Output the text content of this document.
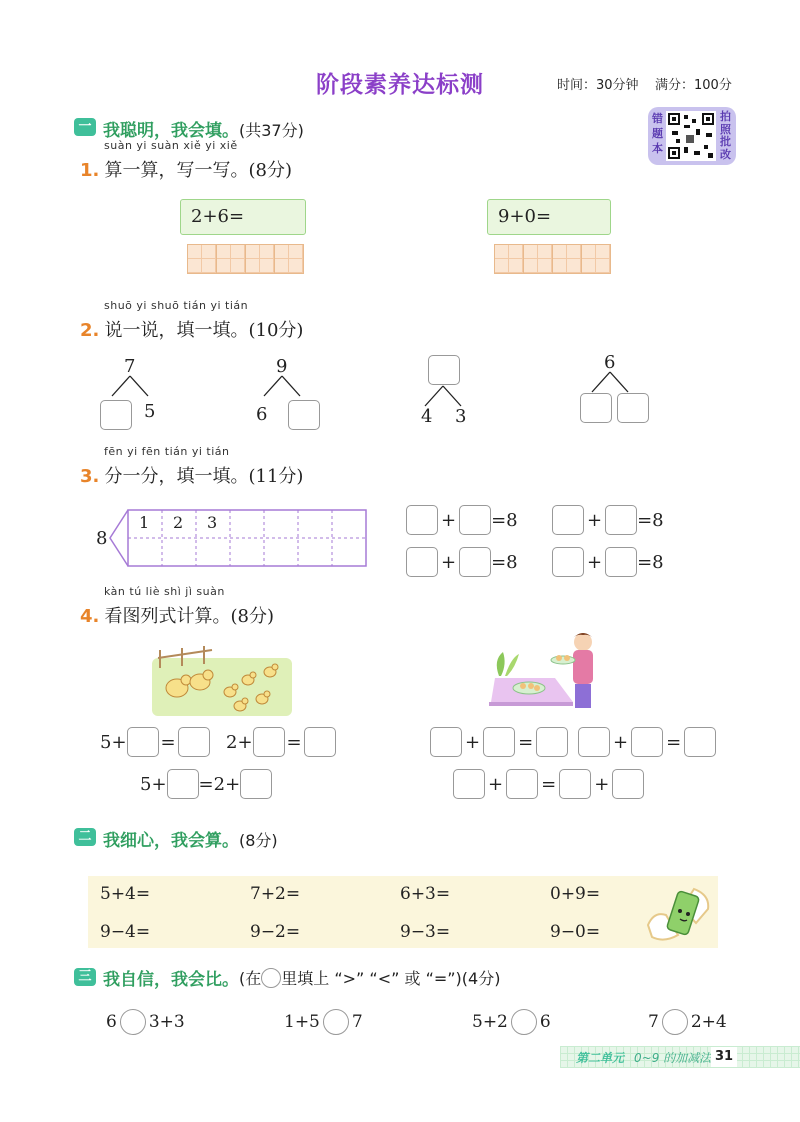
阶段素养达标测	时间：30分钟 满分：100分
错题本
拍照批改
一 我聪明，我会填。(共37分)
suàn yi suàn xiě yi xiě
1. 算一算，写一写。(8分)
2+6=	9+0=
shuō yi shuō tián yi tián
2. 说一说，填一填。(10分)
7
5
9
6	4 3
6
fēn yi fēn tián yi tián
3. 分一分，填一填。(11分)
8
1 2 3	+ =8	+ =8
+ =8	+ =8
kàn tú liè shì jì suàn
4. 看图列式计算。(8分)
5+ =	2+ =
5+ =2+
+ =	+ =
+ = +
二 我细心，我会算。(8分)
5+4=	7+2=	6+3=	0+9=
9−4=	9−2=	9−3=	9−0=
三 我自信，我会比。 (在 里填上 “>” “<” 或 “=”) (4分)
6 3+3	1+5 7	5+2 6	7 2+4
第二单元 0~9 的加减法 31
